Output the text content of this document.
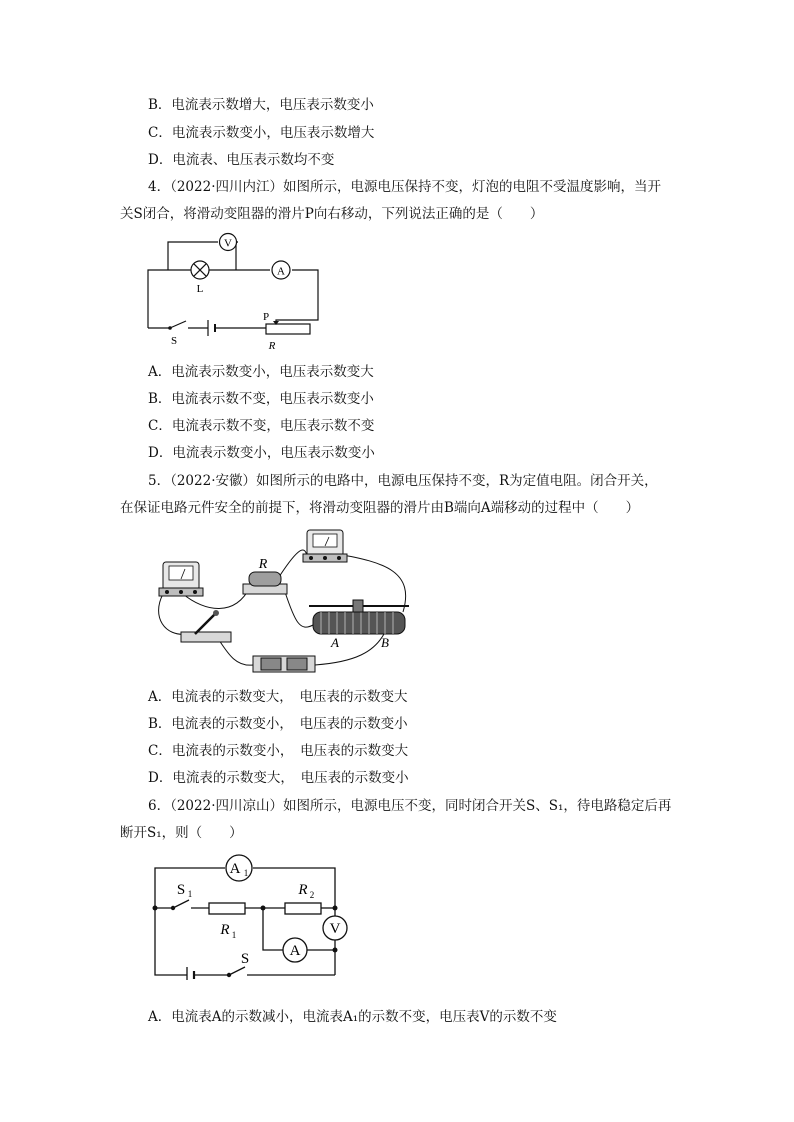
B．电流表示数增大，电压表示数变小
C．电流表示数变小，电压表示数增大
D．电流表、电压表示数均不变
4．（2022·四川内江）如图所示，电源电压保持不变，灯泡的电阻不受温度影响，当开
关S闭合，将滑动变阻器的滑片P向右移动，下列说法正确的是（　　）
V
A
L
S
P
R
A．电流表示数变小，电压表示数变大
B．电流表示数不变，电压表示数变小
C．电流表示数不变，电压表示数不变
D．电流表示数变小，电压表示数变小
5．（2022·安徽）如图所示的电路中，电源电压保持不变，R为定值电阻。闭合开关，
在保证电路元件安全的前提下，将滑动变阻器的滑片由B端向A端移动的过程中（　　）
R
A	B
A．电流表的示数变大，　电压表的示数变大
B．电流表的示数变小，　电压表的示数变小
C．电流表的示数变小，　电压表的示数变大
D．电流表的示数变大，　电压表的示数变小
6．（2022·四川凉山）如图所示，电源电压不变，同时闭合开关S、S₁，待电路稳定后再
断开S₁，则（　　）
A 1
A
V
S 1
R 1
R 2
S
A．电流表A的示数减小，电流表A₁的示数不变，电压表V的示数不变
